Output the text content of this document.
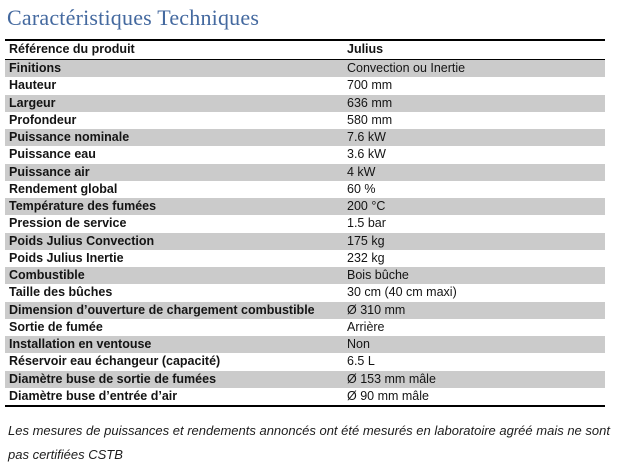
Caractéristiques Techniques
Référence du produit	Julius
Finitions	Convection ou Inertie
Hauteur	700 mm
Largeur	636 mm
Profondeur	580 mm
Puissance nominale	7.6 kW
Puissance eau	3.6 kW
Puissance air	4 kW
Rendement global	60 %
Température des fumées	200 °C
Pression de service	1.5 bar
Poids Julius Convection	175 kg
Poids Julius Inertie	232 kg
Combustible	Bois bûche
Taille des bûches	30 cm (40 cm maxi)
Dimension d’ouverture de chargement combustible	Ø 310 mm
Sortie de fumée	Arrière
Installation en ventouse	Non
Réservoir eau échangeur (capacité)	6.5 L
Diamètre buse de sortie de fumées	Ø 153 mm mâle
Diamètre buse d’entrée d’air	Ø 90 mm mâle
Les mesures de puissances et rendements annoncés ont été mesurés en laboratoire agréé mais ne sont pas certifiées CSTB
